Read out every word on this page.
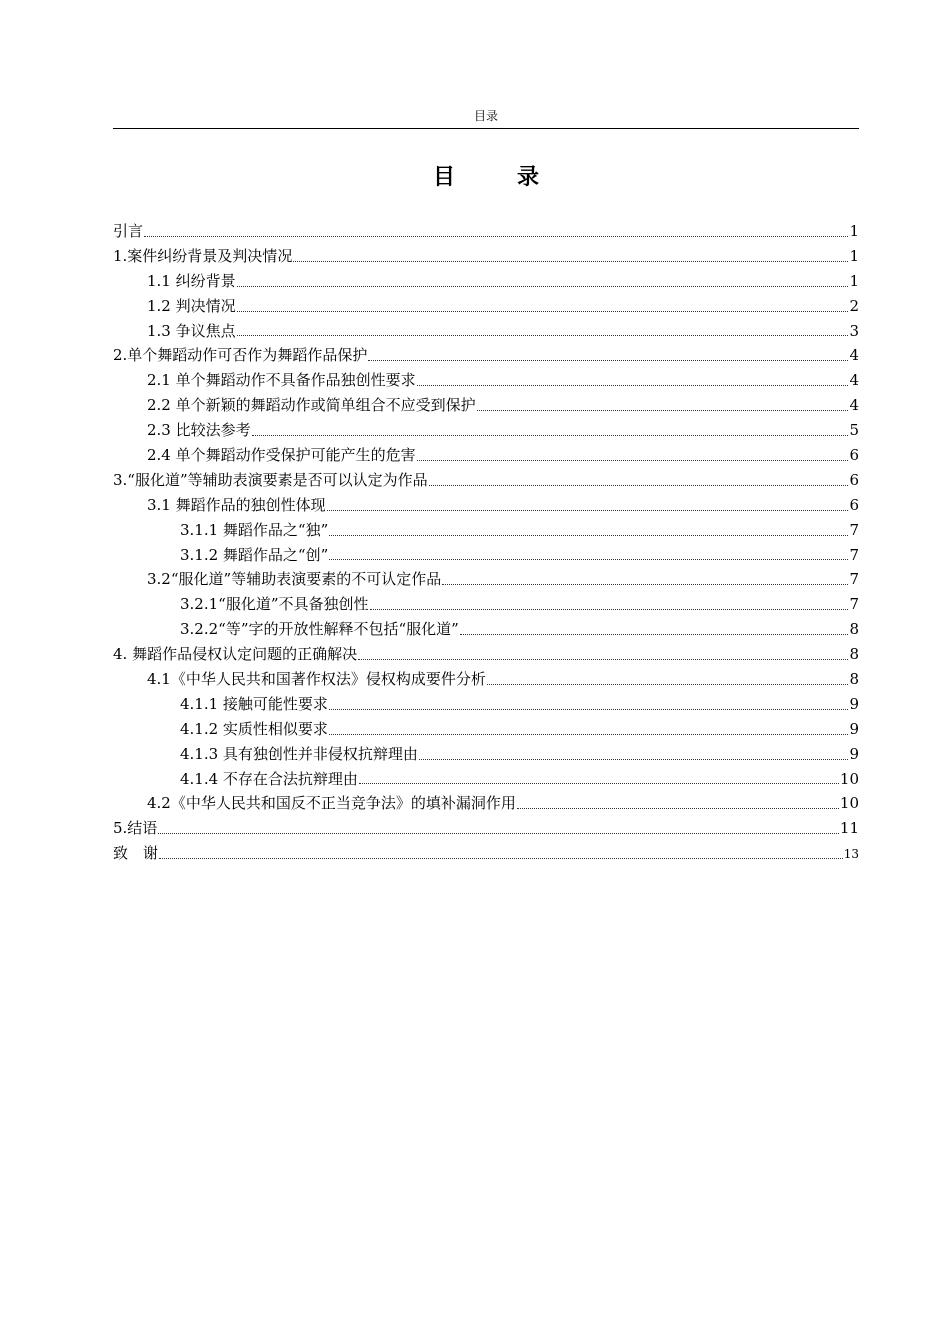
目录
目　录
引言	1
1.案件纠纷背景及判决情况	1
1.1 纠纷背景	1
1.2 判决情况	2
1.3 争议焦点	3
2.单个舞蹈动作可否作为舞蹈作品保护	4
2.1 单个舞蹈动作不具备作品独创性要求	4
2.2 单个新颖的舞蹈动作或简单组合不应受到保护	4
2.3 比较法参考	5
2.4 单个舞蹈动作受保护可能产生的危害	6
3.“服化道”等辅助表演要素是否可以认定为作品	6
3.1 舞蹈作品的独创性体现	6
3.1.1 舞蹈作品之“独”	7
3.1.2 舞蹈作品之“创”	7
3.2“服化道”等辅助表演要素的不可认定作品	7
3.2.1“服化道”不具备独创性	7
3.2.2“等”字的开放性解释不包括“服化道”	8
4. 舞蹈作品侵权认定问题的正确解决	8
4.1《中华人民共和国著作权法》侵权构成要件分析	8
4.1.1 接触可能性要求	9
4.1.2 实质性相似要求	9
4.1.3 具有独创性并非侵权抗辩理由	9
4.1.4 不存在合法抗辩理由	10
4.2《中华人民共和国反不正当竞争法》的填补漏洞作用	10
5.结语	11
致　谢	13
